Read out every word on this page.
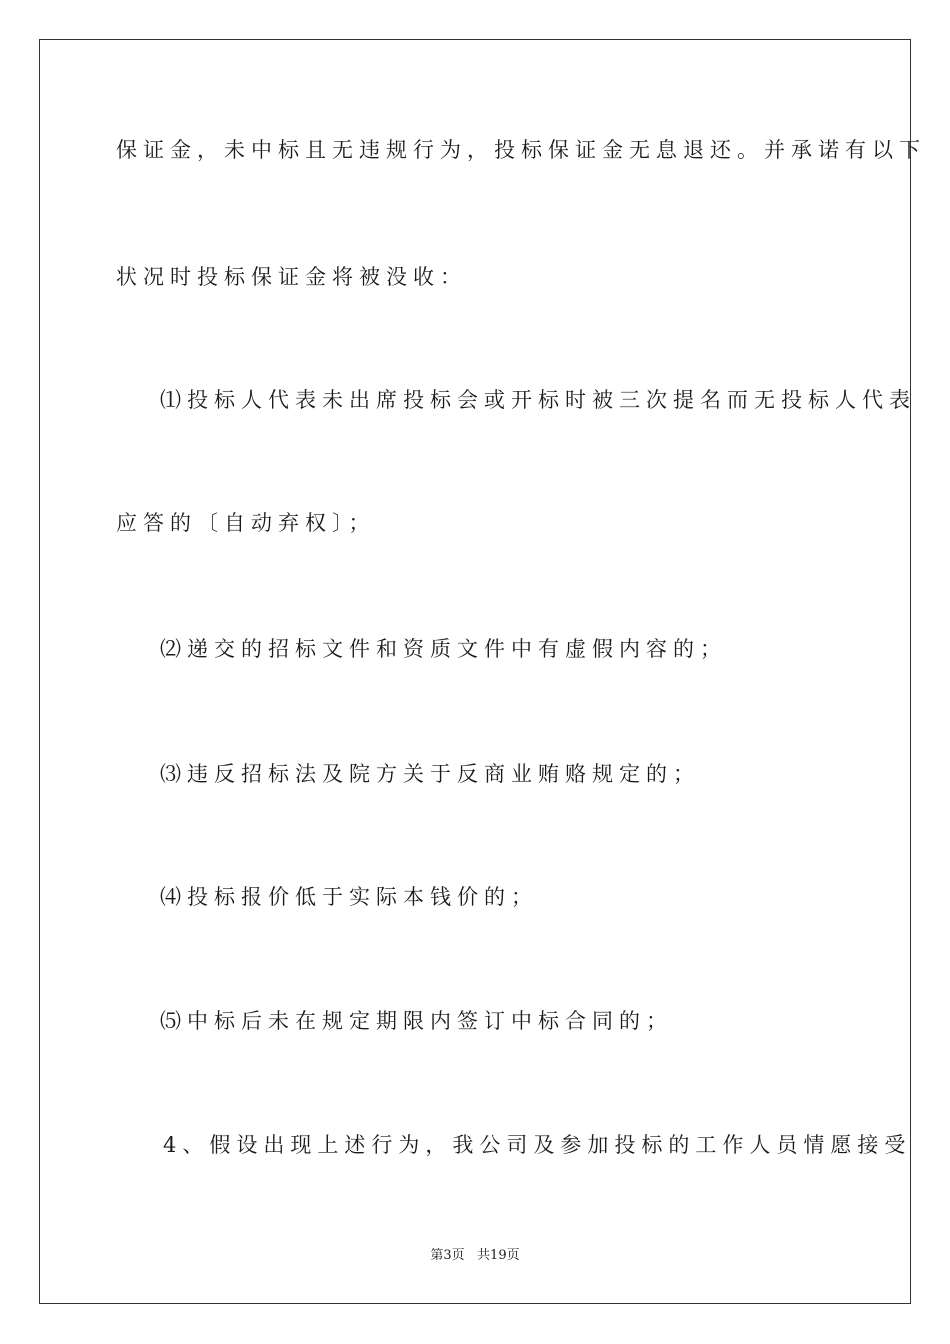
保证金，未中标且无违规行为，投标保证金无息退还。并承诺有以下
状况时投标保证金将被没收：
⑴投标人代表未出席投标会或开标时被三次提名而无投标人代表
应答的〔自动弃权〕；
⑵递交的招标文件和资质文件中有虚假内容的；
⑶违反招标法及院方关于反商业贿赂规定的；
⑷投标报价低于实际本钱价的；
⑸中标后未在规定期限内签订中标合同的；
4、假设出现上述行为，我公司及参加投标的工作人员情愿接受
第3页   共19页
